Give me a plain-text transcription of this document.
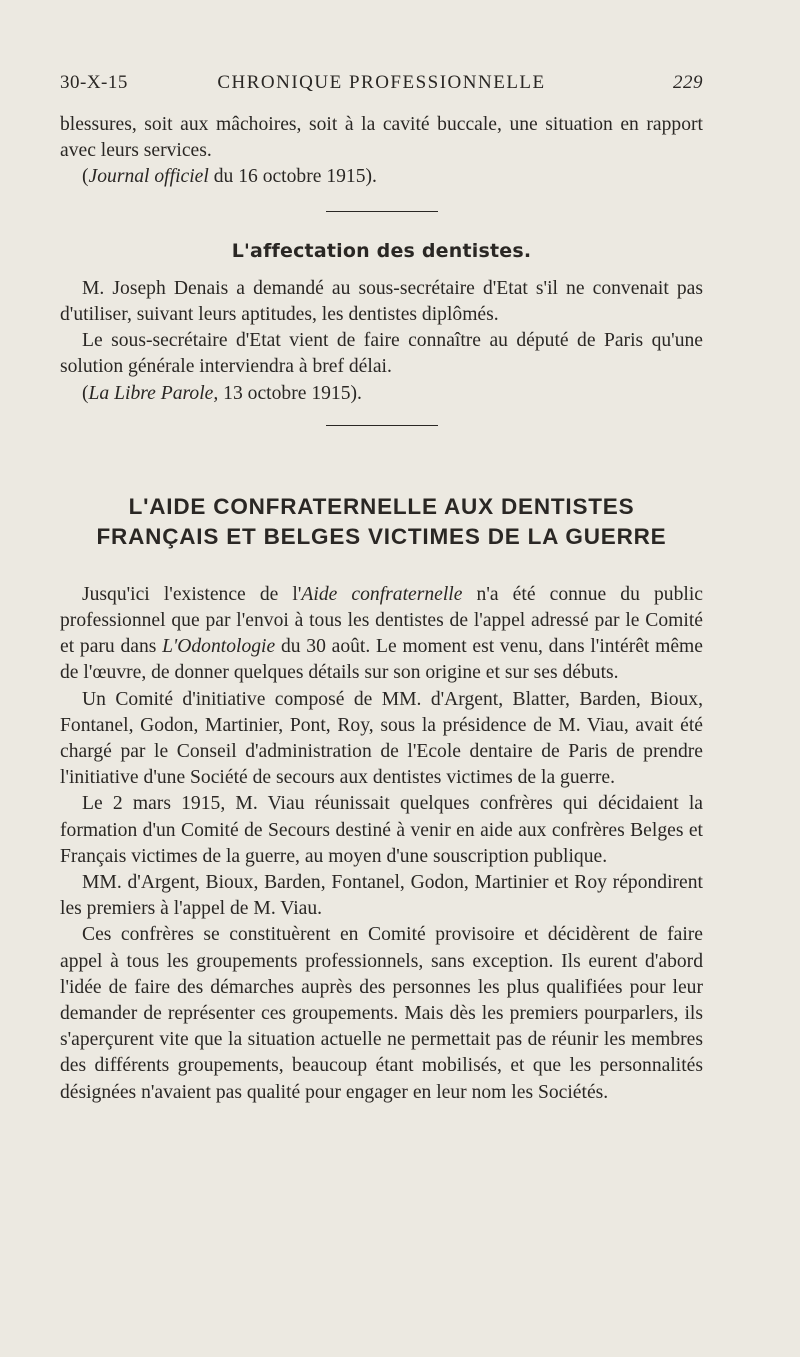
30-X-15	CHRONIQUE PROFESSIONNELLE	229

blessures, soit aux mâchoires, soit à la cavité buccale, une situation en rapport avec leurs services.

(Journal officiel du 16 octobre 1915).

L'affectation des dentistes.

M. Joseph Denais a demandé au sous-secrétaire d'Etat s'il ne convenait pas d'utiliser, suivant leurs aptitudes, les dentistes diplômés.

Le sous-secrétaire d'Etat vient de faire connaître au député de Paris qu'une solution générale interviendra à bref délai.

(La Libre Parole, 13 octobre 1915).

L'AIDE CONFRATERNELLE AUX DENTISTES
FRANÇAIS ET BELGES VICTIMES DE LA GUERRE

Jusqu'ici l'existence de l'Aide confraternelle n'a été connue du public professionnel que par l'envoi à tous les dentistes de l'appel adressé par le Comité et paru dans L'Odontologie du 30 août. Le moment est venu, dans l'intérêt même de l'œuvre, de donner quelques détails sur son origine et sur ses débuts.

Un Comité d'initiative composé de MM. d'Argent, Blatter, Barden, Bioux, Fontanel, Godon, Martinier, Pont, Roy, sous la présidence de M. Viau, avait été chargé par le Conseil d'administration de l'Ecole dentaire de Paris de prendre l'initiative d'une Société de secours aux dentistes victimes de la guerre.

Le 2 mars 1915, M. Viau réunissait quelques confrères qui décidaient la formation d'un Comité de Secours destiné à venir en aide aux confrères Belges et Français victimes de la guerre, au moyen d'une souscription publique.

MM. d'Argent, Bioux, Barden, Fontanel, Godon, Martinier et Roy répondirent les premiers à l'appel de M. Viau.

Ces confrères se constituèrent en Comité provisoire et décidèrent de faire appel à tous les groupements professionnels, sans exception. Ils eurent d'abord l'idée de faire des démarches auprès des personnes les plus qualifiées pour leur demander de représenter ces groupements. Mais dès les premiers pourparlers, ils s'aperçurent vite que la situation actuelle ne permettait pas de réunir les membres des différents groupements, beaucoup étant mobilisés, et que les personnalités désignées n'avaient pas qualité pour engager en leur nom les Sociétés.
